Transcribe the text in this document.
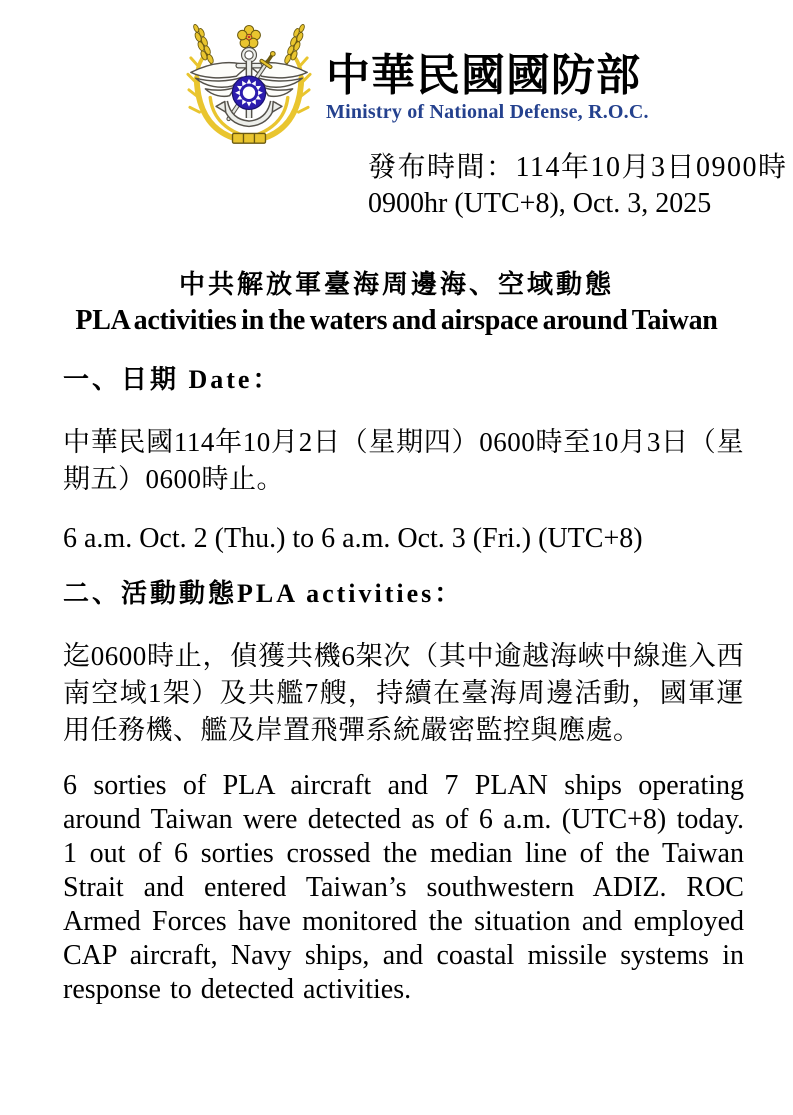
中華民國國防部
Ministry of National Defense, R.O.C.
發布時間：114年10月3日0900時
0900hr (UTC+8), Oct. 3, 2025
中共解放軍臺海周邊海、空域動態
PLA activities in the waters and airspace around Taiwan
一、日期 Date：

中華民國114年10月2日（星期四）0600時至10月3日（星期五）0600時止。

6 a.m. Oct. 2 (Thu.) to 6 a.m. Oct. 3 (Fri.) (UTC+8)

二、活動動態PLA activities：

迄0600時止，偵獲共機6架次（其中逾越海峽中線進入西南空域1架）及共艦7艘，持續在臺海周邊活動，國軍運用任務機、艦及岸置飛彈系統嚴密監控與應處。

6 sorties of PLA aircraft and 7 PLAN ships operating around Taiwan were detected as of 6 a.m. (UTC+8) today. 1 out of 6 sorties crossed the median line of the Taiwan Strait and entered Taiwan’s southwestern ADIZ. ROC Armed Forces have monitored the situation and employed CAP aircraft, Navy ships, and coastal missile systems in response to detected activities.
